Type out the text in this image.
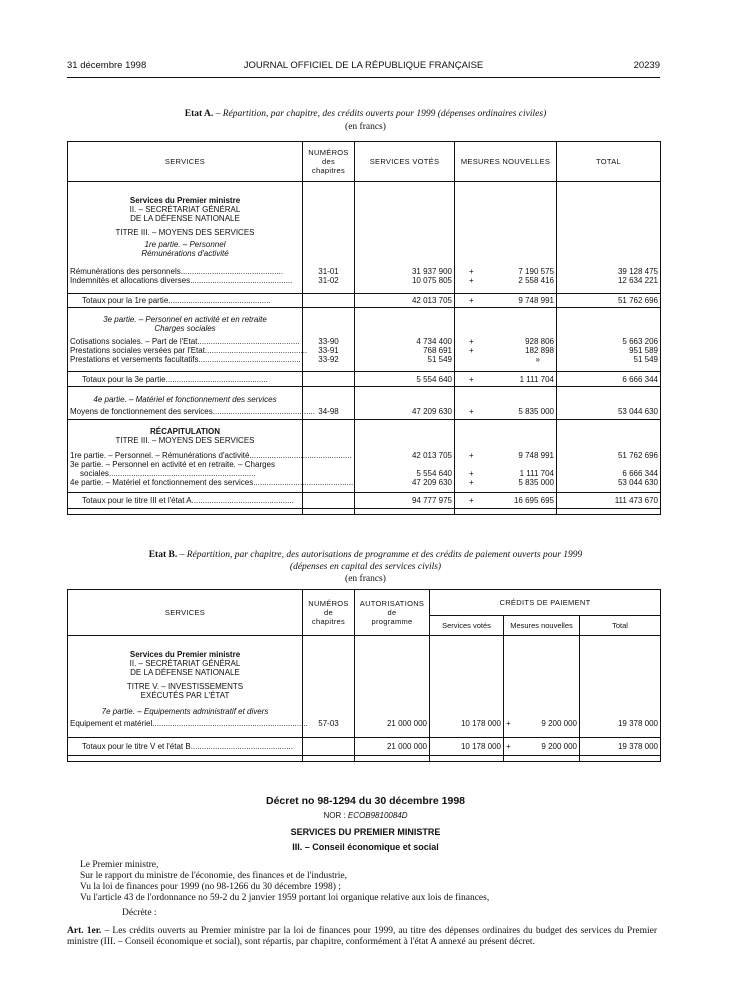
31 décembre 1998	JOURNAL OFFICIEL DE LA RÉPUBLIQUE FRANÇAISE	20239
Etat A. – Répartition, par chapitre, des crédits ouverts pour 1999 (dépenses ordinaires civiles)
(en francs)
SERVICES	NUMÉROS
des
chapitres	SERVICES VOTÉS	MESURES NOUVELLES	TOTAL

Services du Premier ministre				
II. – SECRÉTARIAT GÉNÉRAL				
DE LA DÉFENSE NATIONALE				
TITRE III. – MOYENS DES SERVICES				
1re partie. – Personnel				
Rémunérations d'activité				
Rémunérations des personnels..............................................	31-01	31 937 900	+ 7 190 575	39 128 475
Indemnités et allocations diverses..............................................	31-02	10 075 805	+ 2 558 416	12 634 221

Totaux pour la 1re partie..............................................		42 013 705	+ 9 748 991	51 762 696
3e partie. – Personnel en activité et en retraite				
Charges sociales				
Cotisations sociales. – Part de l'Etat..............................................	33-90	4 734 400	+ 928 806	5 663 206
Prestations sociales versées par l'Etat..............................................	33-91	768 691	+ 182 898	951 589
Prestations et versements facultatifs..............................................	33-92	51 549	»	51 549

Totaux pour la 3e partie..............................................		5 554 640	+ 1 111 704	6 666 344
4e partie. – Matériel et fonctionnement des services				
Moyens de fonctionnement des services..............................................	34-98	47 209 630	+ 5 835 000	53 044 630
RÉCAPITULATION				
TITRE III. – MOYENS DES SERVICES				
1re partie. – Personnel. – Rémunérations d'activité..............................................		42 013 705	+ 9 748 991	51 762 696
3e partie. – Personnel en activité et en retraite. – Charges				
sociales..................................................................		5 554 640	+ 1 111 704	6 666 344
4e partie. – Matériel et fonctionnement des services..............................................		47 209 630	+ 5 835 000	53 044 630

Totaux pour le titre III et l'état A..............................................		94 777 975	+ 16 695 695	111 473 670

Etat B. – Répartition, par chapitre, des autorisations de programme et des crédits de paiement ouverts pour 1999
(dépenses en capital des services civils)
(en francs)
SERVICES	NUMÉROS
de
chapitres	AUTORISATIONS
de
programme	CRÉDITS DE PAIEMENT		
			Services votés	Mesures nouvelles	Total

Services du Premier ministre					
II. – SECRÉTARIAT GÉNÉRAL					
DE LA DÉFENSE NATIONALE					
TITRE V. – INVESTISSEMENTS					
EXÉCUTÉS PAR L'ÉTAT					
7e partie. – Equipements administratif et divers					
Equipement et matériel......................................................................	57-03	21 000 000	10 178 000	+ 9 200 000	19 378 000

Totaux pour le titre V et l'état B..............................................		21 000 000	10 178 000	+ 9 200 000	19 378 000

Décret no 98-1294 du 30 décembre 1998
NOR : ECOB9810084D
SERVICES DU PREMIER MINISTRE
III. – Conseil économique et social
Le Premier ministre,
Sur le rapport du ministre de l'économie, des finances et de l'industrie,
Vu la loi de finances pour 1999 (no 98-1266 du 30 décembre 1998) ;
Vu l'article 43 de l'ordonnance no 59-2 du 2 janvier 1959 portant loi organique relative aux lois de finances,
Décrète :
Art. 1er. – Les crédits ouverts au Premier ministre par la loi de finances pour 1999, au titre des dépenses ordinaires du budget des services du Premier ministre (III. – Conseil économique et social), sont répartis, par chapitre, conformément à l'état A annexé au présent décret.
